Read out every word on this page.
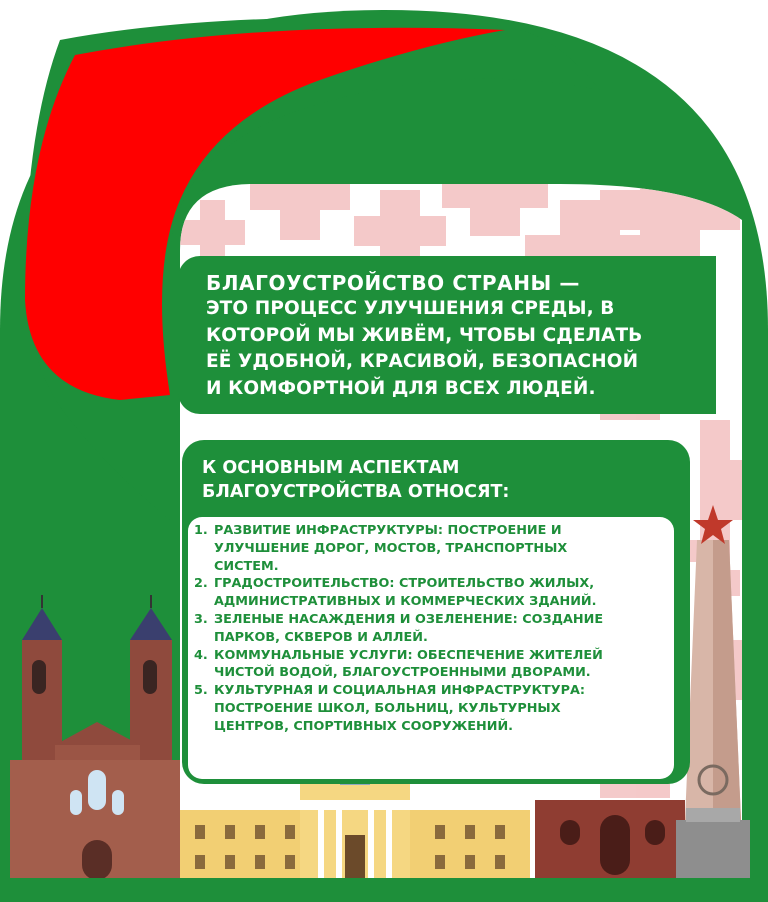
БЛАГОУСТРОЙСТВО СТРАНЫ —
ЭТО ПРОЦЕСС УЛУЧШЕНИЯ СРЕДЫ, В
КОТОРОЙ МЫ ЖИВЁМ, ЧТОБЫ СДЕЛАТЬ
ЕЁ УДОБНОЙ, КРАСИВОЙ, БЕЗОПАСНОЙ
И КОМФОРТНОЙ ДЛЯ ВСЕХ ЛЮДЕЙ.
К ОСНОВНЫМ АСПЕКТАМ
БЛАГОУСТРОЙСТВА ОТНОСЯТ:
1. РАЗВИТИЕ ИНФРАСТРУКТУРЫ: ПОСТРОЕНИЕ И
УЛУЧШЕНИЕ ДОРОГ, МОСТОВ, ТРАНСПОРТНЫХ
СИСТЕМ.
2. ГРАДОСТРОИТЕЛЬСТВО: СТРОИТЕЛЬСТВО ЖИЛЫХ,
АДМИНИСТРАТИВНЫХ И КОММЕРЧЕСКИХ ЗДАНИЙ.
3. ЗЕЛЕНЫЕ НАСАЖДЕНИЯ И ОЗЕЛЕНЕНИЕ: СОЗДАНИЕ
ПАРКОВ, СКВЕРОВ И АЛЛЕЙ.
4. КОММУНАЛЬНЫЕ УСЛУГИ: ОБЕСПЕЧЕНИЕ ЖИТЕЛЕЙ
ЧИСТОЙ ВОДОЙ, БЛАГОУСТРОЕННЫМИ ДВОРАМИ.
5. КУЛЬТУРНАЯ И СОЦИАЛЬНАЯ ИНФРАСТРУКТУРА:
ПОСТРОЕНИЕ ШКОЛ, БОЛЬНИЦ, КУЛЬТУРНЫХ
ЦЕНТРОВ, СПОРТИВНЫХ СООРУЖЕНИЙ.
